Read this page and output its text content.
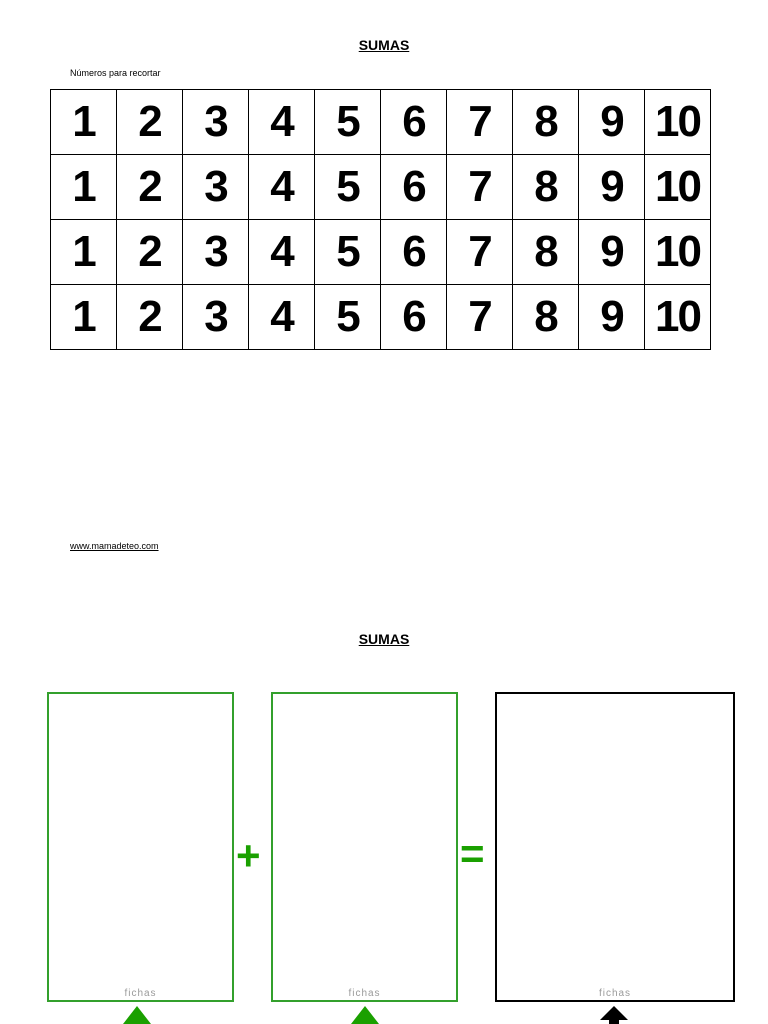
SUMAS
Números para recortar
1	2	3	4	5	6	7	8	9	10
1	2	3	4	5	6	7	8	9	10
1	2	3	4	5	6	7	8	9	10
1	2	3	4	5	6	7	8	9	10
www.mamadeteo.com
SUMAS
fichas
+
fichas
=
fichas
